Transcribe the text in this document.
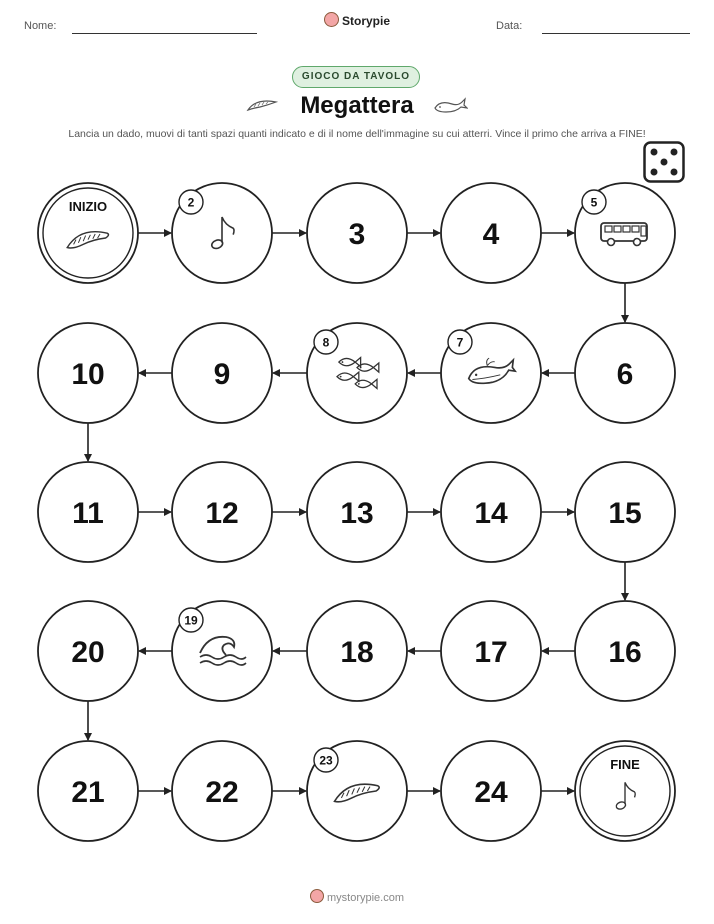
Nome:	Storypie	Data:
GIOCO DA TAVOLO
Megattera
Lancia un dado, muovi di tanti spazi quanti indicato e di il nome dell'immagine su cui atterri. Vince il primo che arriva a FINE!
INIZIO	2
3	4
5
6
7
8
9
10
11	12	13	14	15
16
17
18
19
20
21	22
23
24
FINE
mystorypie.com
